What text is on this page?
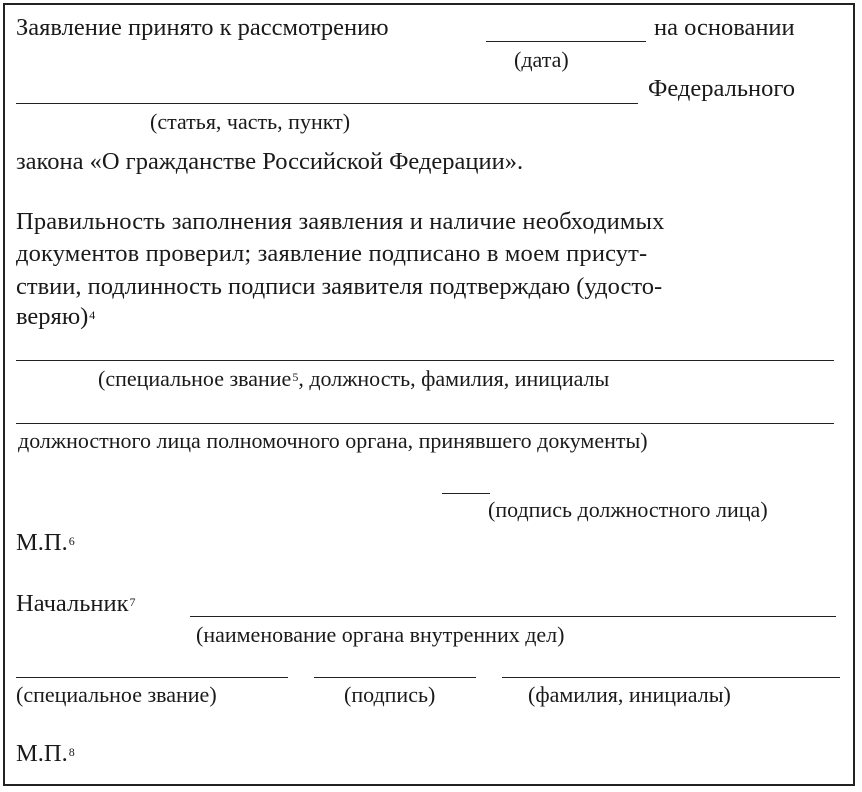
Заявление принято к рассмотрению	на основании
(дата)
Федерального
(статья, часть, пункт)
закона «О гражданстве Российской Федерации».
Правильность заполнения заявления и наличие необходимых
документов проверил; заявление подписано в моем присут-
ствии, подлинность подписи заявителя подтверждаю (удосто-
веряю)$^4$
(специальное звание$^5$, должность, фамилия, инициалы
должностного лица полномочного органа, принявшего документы)
(подпись должностного лица)
М.П.$^6$
Начальник$^7$
(наименование органа внутренних дел)
(специальное звание)	(подпись)	(фамилия, инициалы)
М.П.$^8$
